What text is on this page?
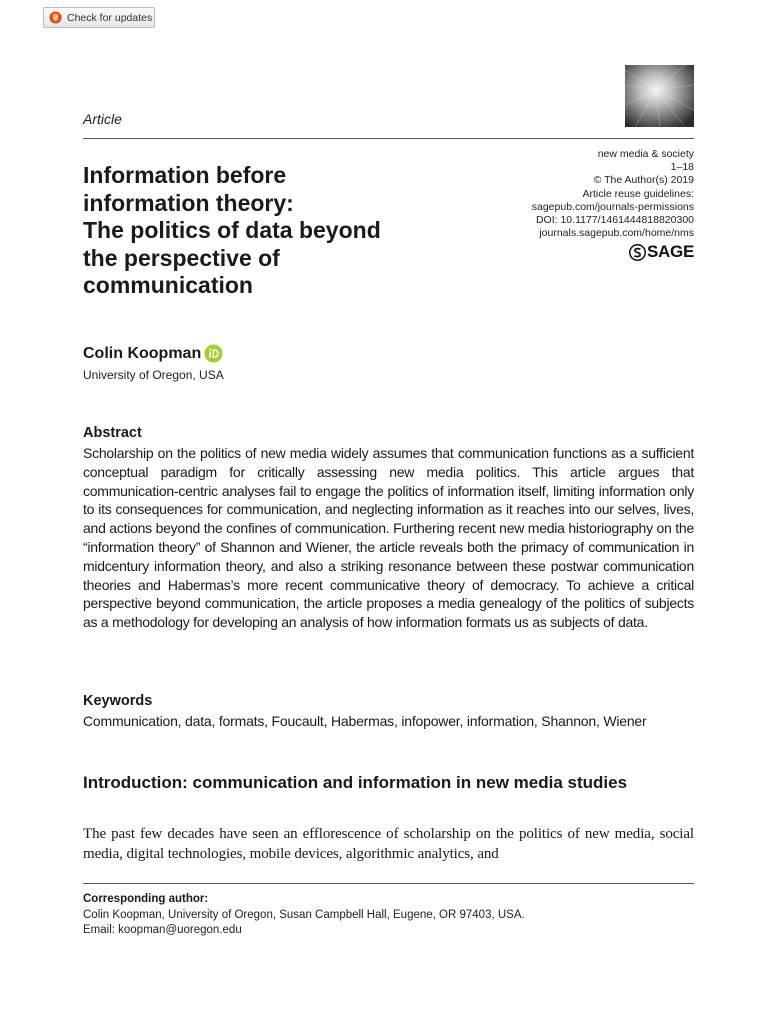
Check for updates
Article
new media & society
1–18
© The Author(s) 2019
Article reuse guidelines:
sagepub.com/journals-permissions
DOI: 10.1177/1461444818820300
journals.sagepub.com/home/nms
SAGE
Information before
information theory:
The politics of data beyond
the perspective of
communication
Colin Koopman
University of Oregon, USA
Abstract

Scholarship on the politics of new media widely assumes that communication functions as a sufficient conceptual paradigm for critically assessing new media politics. This article argues that communication-centric analyses fail to engage the politics of information itself, limiting information only to its consequences for communication, and neglecting information as it reaches into our selves, lives, and actions beyond the confines of communication. Furthering recent new media historiography on the “information theory” of Shannon and Wiener, the article reveals both the primacy of communication in midcentury information theory, and also a striking resonance between these postwar communication theories and Habermas’s more recent communicative theory of democracy. To achieve a critical perspective beyond communication, the article proposes a media genealogy of the politics of subjects as a methodology for developing an analysis of how information formats us as subjects of data.

Keywords

Communication, data, formats, Foucault, Habermas, infopower, information, Shannon, Wiener

Introduction: communication and information in new media studies

The past few decades have seen an efflorescence of scholarship on the politics of new media, social media, digital technologies, mobile devices, algorithmic analytics, and

Corresponding author:
Colin Koopman, University of Oregon, Susan Campbell Hall, Eugene, OR 97403, USA.
Email: koopman@uoregon.edu
